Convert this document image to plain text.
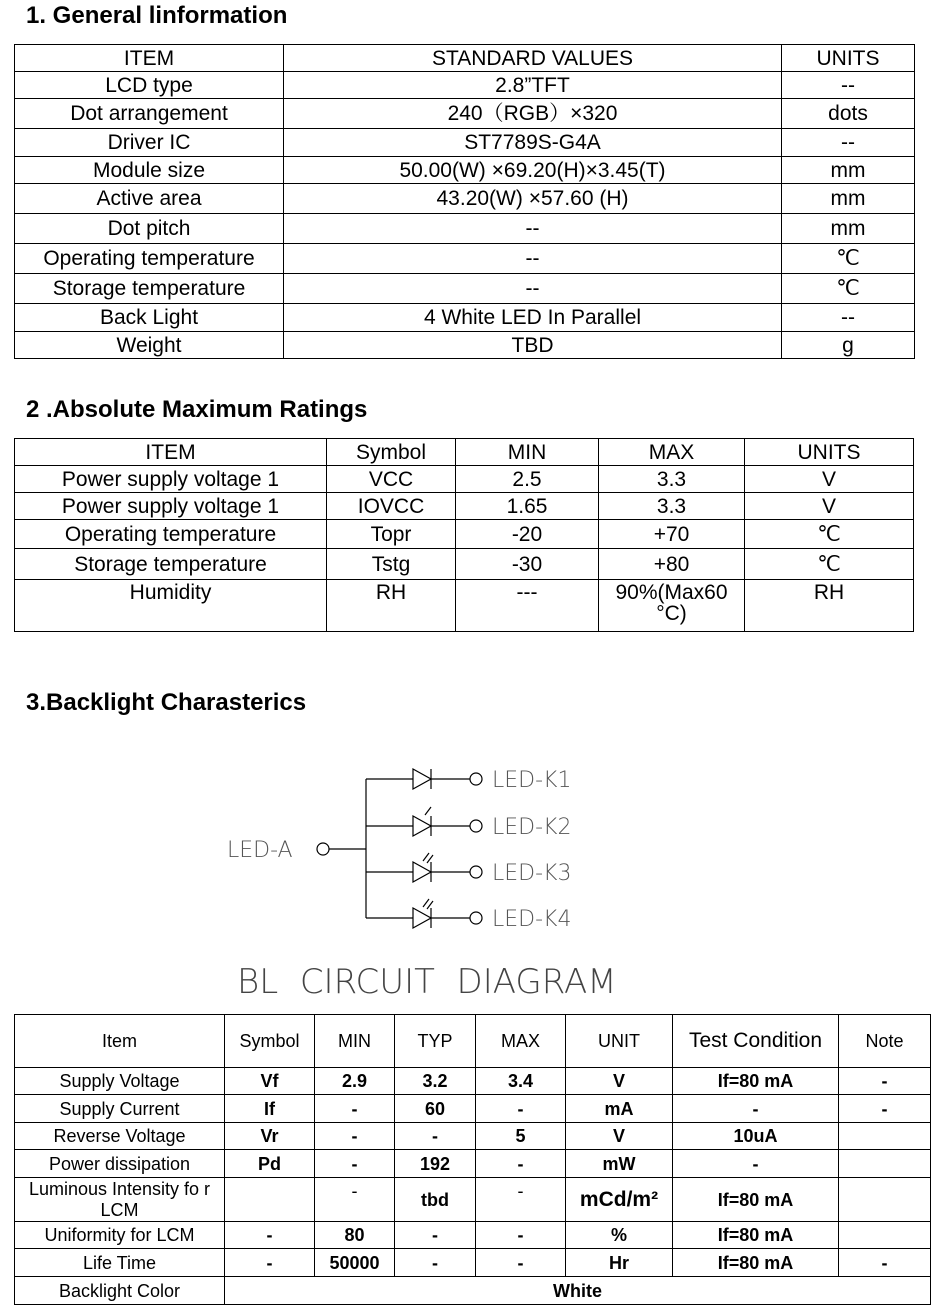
1. General linformation
ITEM	STANDARD VALUES	UNITS
LCD type	2.8”TFT	--
Dot arrangement	240（RGB）×320	dots
Driver IC	ST7789S-G4A	--
Module size	50.00(W) ×69.20(H)×3.45(T)	mm
Active area	43.20(W) ×57.60 (H)	mm
Dot pitch	--	mm
Operating temperature	--	℃
Storage temperature	--	℃
Back Light	4 White LED In Parallel	--
Weight	TBD	g
2 .Absolute Maximum Ratings
ITEM	Symbol	MIN	MAX	UNITS
Power supply voltage 1	VCC	2.5	3.3	V
Power supply voltage 1	IOVCC	1.65	3.3	V
Operating temperature	Topr	-20	+70	℃
Storage temperature	Tstg	-30	+80	℃
Humidity	RH	---	90%(Max60 °C)	RH
3.Backlight Charasterics
LED-A
LED-K1
LED-K2
LED-K3
LED-K4
BL  CIRCUIT  DIAGRAM
Item	Symbol	MIN	TYP	MAX	UNIT	Test Condition	Note
Supply Voltage	Vf	2.9	3.2	3.4	V	If=80 mA	-
Supply Current	If	-	60	-	mA	-	-
Reverse Voltage	Vr	-	-	5	V	10uA	
Power dissipation	Pd	-	192	-	mW	-	
Luminous Intensity fo r LCM		-	tbd	-	mCd/m²	If=80 mA	
Uniformity for LCM	-	80	-	-	%	If=80 mA	
Life Time	-	50000	-	-	Hr	If=80 mA	-
Backlight Color	White						
